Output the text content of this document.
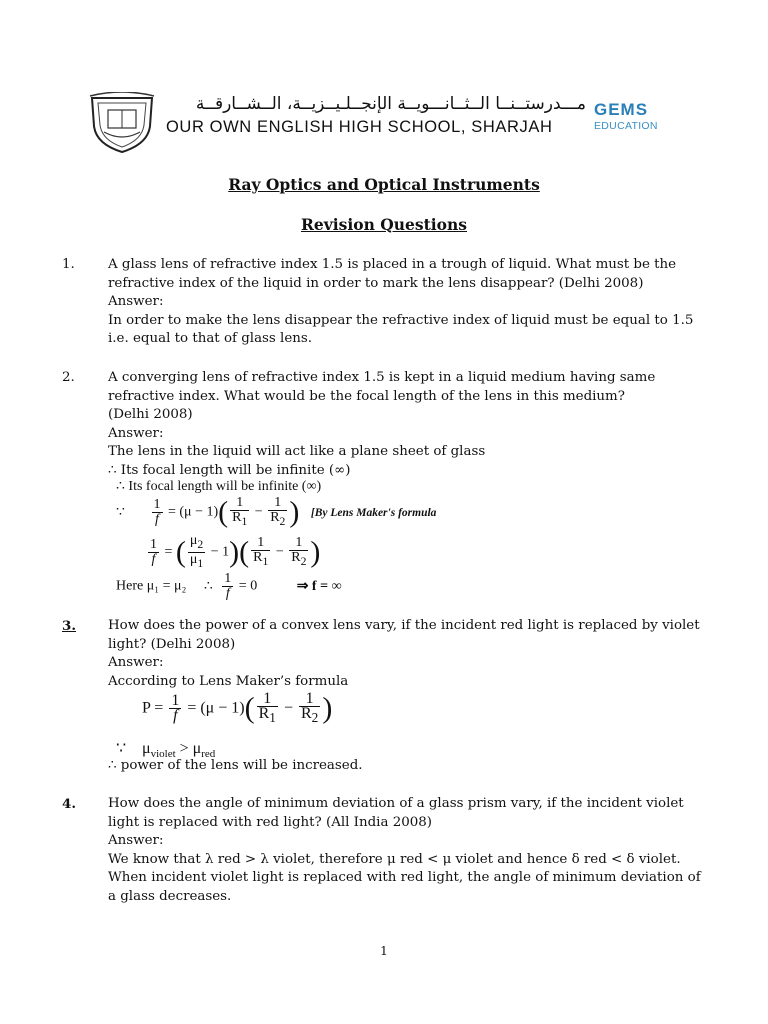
مـــدرستــنــا الــثــانـــويــة الإنجــلـيــزيــة، الــشــارقــة
OUR OWN ENGLISH HIGH SCHOOL, SHARJAH
GEMS
EDUCATION
Ray Optics and Optical Instruments
Revision Questions
1.	A glass lens of refractive index 1.5 is placed in a trough of liquid. What must be the
refractive index of the liquid in order to mark the lens disappear? (Delhi 2008)
Answer:
In order to make the lens disappear the refractive index of liquid must be equal to 1.5
i.e. equal to that of glass lens.
2.	A converging lens of refractive index 1.5 is kept in a liquid medium having same
refractive index. What would be the focal length of the lens in this medium?
(Delhi 2008)
Answer:
The lens in the liquid will act like a plane sheet of glass
∴ Its focal length will be infinite (∞)
∴ Its focal length will be infinite (∞)
∵ $\frac{1}{f} = (\mu - 1)( \frac{1}{R_1} - \frac{1}{R_2}$ ) [By Lens Maker's formula
$\frac{1}{f}$ = ( $\frac{\mu_2}{\mu_1} - 1)( \frac{1}{R_1} - \frac{1}{R_2}$ )
Here μ₁ = μ₂ ∴ $\frac{1}{f} = 0$	⇒ f = ∞
3.	How does the power of a convex lens vary, if the incident red light is replaced by violet
light? (Delhi 2008)
Answer:
According to Lens Maker’s formula
$P = \frac{1}{f} = (\mu - 1)( \frac{1}{R_1} - \frac{1}{R_2}$ )
∵ $\mu_{violet} > \mu_{red}$
∴ power of the lens will be increased.
4.	How does the angle of minimum deviation of a glass prism vary, if the incident violet
light is replaced with red light? (All India 2008)
Answer:
We know that λ red > λ violet, therefore μ red < μ violet and hence δ red < δ violet.
When incident violet light is replaced with red light, the angle of minimum deviation of
a glass decreases.
1
